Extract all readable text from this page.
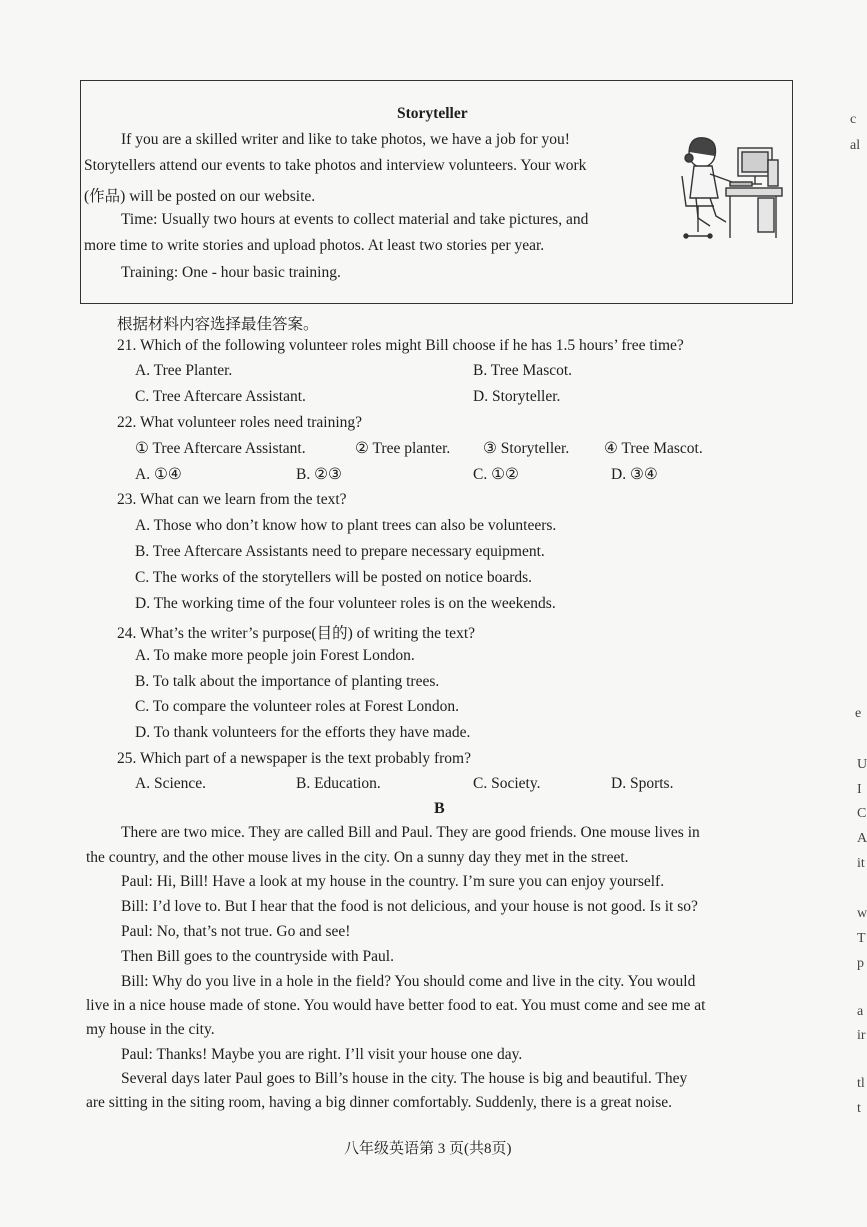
Storyteller
If you are a skilled writer and like to take photos, we have a job for you!
Storytellers attend our events to take photos and interview volunteers. Your work
(作品) will be posted on our website.
Time: Usually two hours at events to collect material and take pictures, and
more time to write stories and upload photos. At least two stories per year.
Training: One - hour basic training.
根据材料内容选择最佳答案。
21. Which of the following volunteer roles might Bill choose if he has 1.5 hours’ free time?
A. Tree Planter.	B. Tree Mascot.
C. Tree Aftercare Assistant.	D. Storyteller.
22. What volunteer roles need training?
① Tree Aftercare Assistant.	② Tree planter. ③ Storyteller. ④ Tree Mascot.
A. ①④	B. ②③	C. ①②	D. ③④
23. What can we learn from the text?
A. Those who don’t know how to plant trees can also be volunteers.
B. Tree Aftercare Assistants need to prepare necessary equipment.
C. The works of the storytellers will be posted on notice boards.
D. The working time of the four volunteer roles is on the weekends.
24. What’s the writer’s purpose(目的) of writing the text?
A. To make more people join Forest London.
B. To talk about the importance of planting trees.
C. To compare the volunteer roles at Forest London.
D. To thank volunteers for the efforts they have made.
25. Which part of a newspaper is the text probably from?
A. Science.	B. Education.	C. Society.	D. Sports.
B
There are two mice. They are called Bill and Paul. They are good friends. One mouse lives in
the country, and the other mouse lives in the city. On a sunny day they met in the street.
Paul: Hi, Bill! Have a look at my house in the country. I’m sure you can enjoy yourself.
Bill: I’d love to. But I hear that the food is not delicious, and your house is not good. Is it so?
Paul: No, that’s not true. Go and see!
Then Bill goes to the countryside with Paul.
Bill: Why do you live in a hole in the field? You should come and live in the city. You would
live in a nice house made of stone. You would have better food to eat. You must come and see me at
my house in the city.
Paul: Thanks! Maybe you are right. I’ll visit your house one day.
Several days later Paul goes to Bill’s house in the city. The house is big and beautiful. They
are sitting in the siting room, having a big dinner comfortably. Suddenly, there is a great noise.
八年级英语第 3 页(共8页)
c
al
e
U
I
C
A
it
w
T
p
a
ir
tl
t
